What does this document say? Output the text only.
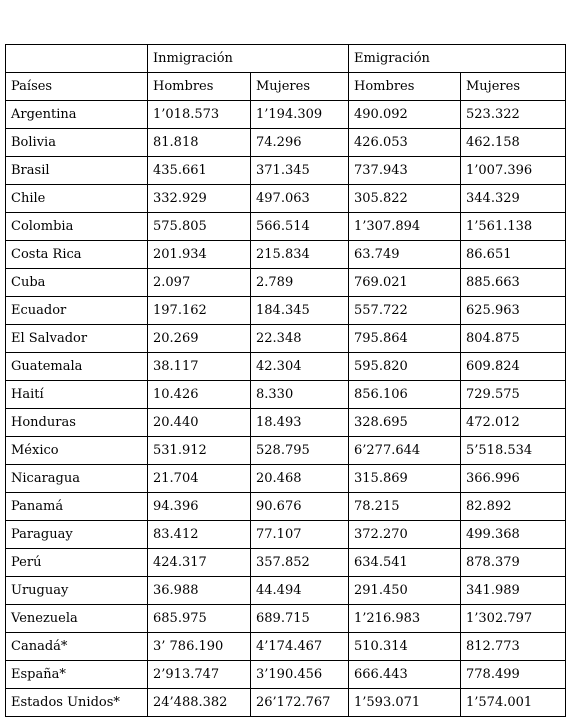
	Inmigración		Emigración	
Países	Hombres	Mujeres	Hombres	Mujeres
Argentina	1’018.573	1’194.309	490.092	523.322
Bolivia	81.818	74.296	426.053	462.158
Brasil	435.661	371.345	737.943	1’007.396
Chile	332.929	497.063	305.822	344.329
Colombia	575.805	566.514	1’307.894	1’561.138
Costa Rica	201.934	215.834	63.749	86.651
Cuba	2.097	2.789	769.021	885.663
Ecuador	197.162	184.345	557.722	625.963
El Salvador	20.269	22.348	795.864	804.875
Guatemala	38.117	42.304	595.820	609.824
Haití	10.426	8.330	856.106	729.575
Honduras	20.440	18.493	328.695	472.012
México	531.912	528.795	6’277.644	5’518.534
Nicaragua	21.704	20.468	315.869	366.996
Panamá	94.396	90.676	78.215	82.892
Paraguay	83.412	77.107	372.270	499.368
Perú	424.317	357.852	634.541	878.379
Uruguay	36.988	44.494	291.450	341.989
Venezuela	685.975	689.715	1’216.983	1’302.797
Canadá*	3’ 786.190	4’174.467	510.314	812.773
España*	2’913.747	3’190.456	666.443	778.499
Estados Unidos*	24’488.382	26’172.767	1’593.071	1’574.001
